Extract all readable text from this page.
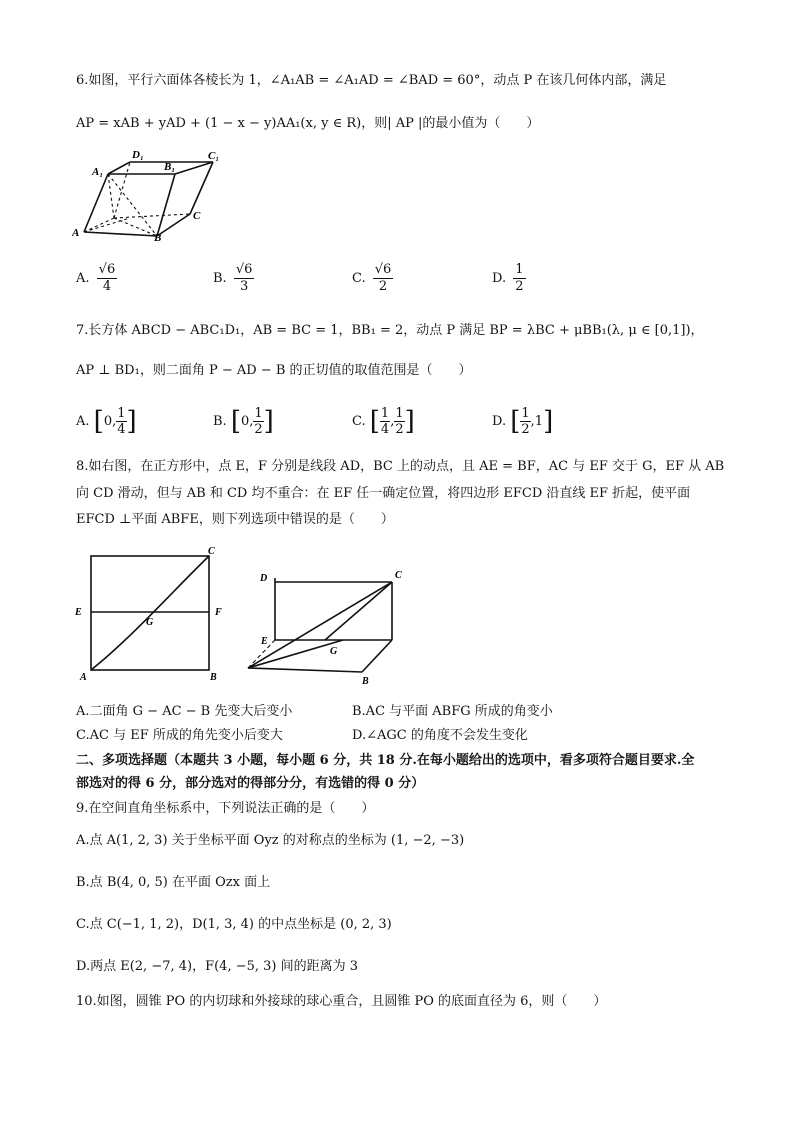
6.如图，平行六面体各棱长为 1，∠A₁AB = ∠A₁AD = ∠BAD = 60°，动点 P 在该几何体内部，满足
AP = xAB + yAD + (1 − x − y)AA₁(x, y ∈ R)，则| AP |的最小值为（　　）
A	B
C
A₁	B₁
C₁
D₁
A. $\frac{√6}{4}$	B. $\frac{√6}{3}$	C. $\frac{√6}{2}$	D. $\frac{1}{2}$
7.长方体 ABCD − ABC₁D₁，AB = BC = 1，BB₁ = 2，动点 P 满足 BP = λBC + μBB₁(λ, μ ∈ [0,1])，
AP ⊥ BD₁，则二面角 P − AD − B 的正切值的取值范围是（　　）
A. [0, $\frac{1}{4}$ ]	B. [0, $\frac{1}{2}$ ]	C. [ $\frac{1}{4}$ , $\frac{1}{2}$ ]	D. [ $\frac{1}{2} ,1$]
8.如右图，在正方形中，点 E，F 分别是线段 AD，BC 上的动点，且 AE = BF，AC 与 EF 交于 G，EF 从 AB
向 CD 滑动，但与 AB 和 CD 均不重合：在 EF 任一确定位置，将四边形 EFCD 沿直线 EF 折起，使平面
EFCD ⊥平面 ABFE，则下列选项中错误的是（　　）
C
E	F
G
A	B
D	C
E
G
B
A.二面角 G − AC − B 先变大后变小	B.AC 与平面 ABFG 所成的角变小
C.AC 与 EF 所成的角先变小后变大	D.∠AGC 的角度不会发生变化
二、多项选择题（本题共 3 小题，每小题 6 分，共 18 分.在每小题给出的选项中，看多项符合题目要求.全
部选对的得 6 分，部分选对的得部分分，有选错的得 0 分）
9.在空间直角坐标系中，下列说法正确的是（　　）
A.点 A(1, 2, 3) 关于坐标平面 Oyz 的对称点的坐标为 (1, −2, −3)
B.点 B(4, 0, 5) 在平面 Ozx 面上
C.点 C(−1, 1, 2)，D(1, 3, 4) 的中点坐标是 (0, 2, 3)
D.两点 E(2, −7, 4)，F(4, −5, 3) 间的距离为 3
10.如图，圆锥 PO 的内切球和外接球的球心重合，且圆锥 PO 的底面直径为 6，则（　　）
